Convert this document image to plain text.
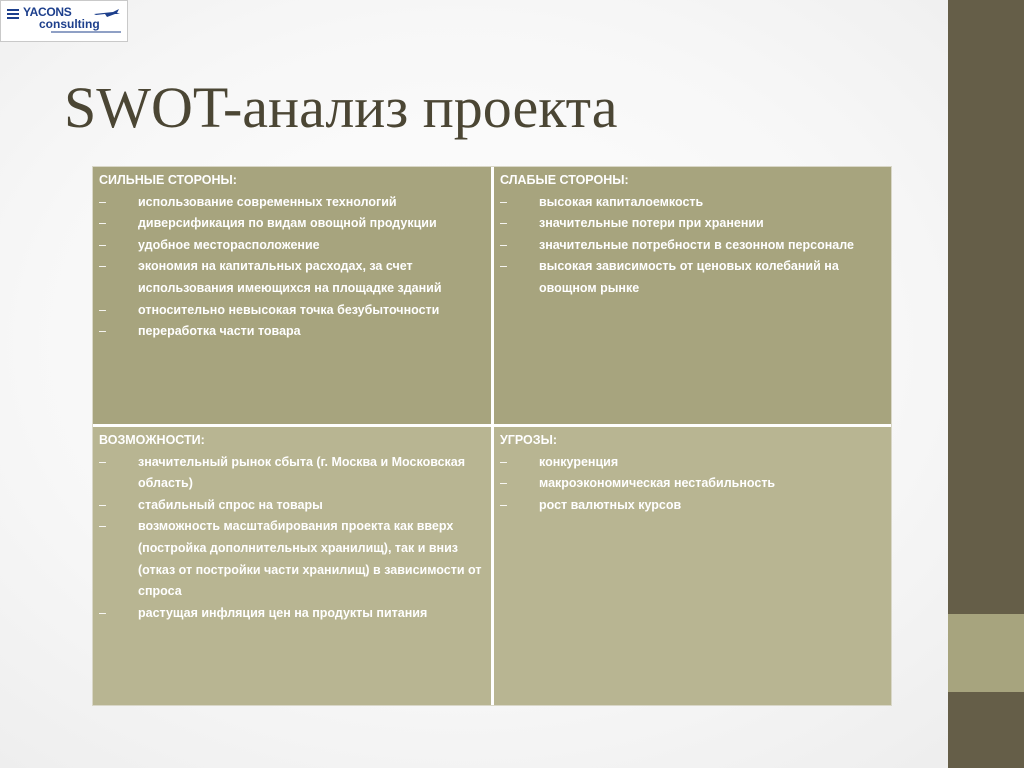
YACONS
consulting
SWOT-анализ проекта
СИЛЬНЫЕ СТОРОНЫ:
–	использование современных технологий
–	диверсификация по видам овощной продукции
–	удобное месторасположение
–	экономия на капитальных расходах, за счет использования имеющихся на площадке зданий
–	относительно невысокая точка безубыточности
–	переработка части товара
СЛАБЫЕ СТОРОНЫ:
–	высокая капиталоемкость
–	значительные потери при хранении
–	значительные потребности в сезонном персонале
–	высокая зависимость от ценовых колебаний на овощном рынке
ВОЗМОЖНОСТИ:
–	значительный рынок сбыта (г. Москва и Московская область)
–	стабильный спрос на товары
–	возможность масштабирования проекта как вверх (постройка дополнительных хранилищ), так и вниз (отказ от постройки части хранилищ) в зависимости от спроса
–	растущая инфляция цен на продукты питания
УГРОЗЫ:
–	конкуренция
–	макроэкономическая нестабильность
–	рост валютных курсов
